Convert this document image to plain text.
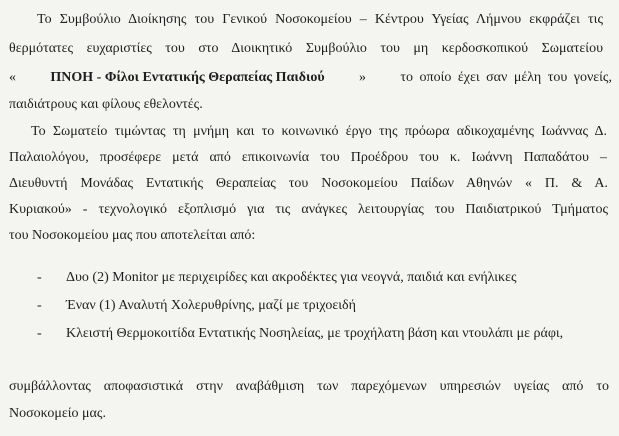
Το Συμβούλιο Διοίκησης του Γενικού Νοσοκομείου – Κέντρου Υγείας Λήμνου εκφράζει τις
θερμότατες ευχαριστίες του στο Διοικητικό Συμβούλιο του μη κερδοσκοπικού Σωματείου
« ΠΝΟΗ - Φίλοι Εντατικής Θεραπείας Παιδιού » το οποίο έχει σαν μέλη του γονείς,
παιδιάτρους και φίλους εθελοντές.
Το Σωματείο τιμώντας τη μνήμη και το κοινωνικό έργο της πρόωρα αδικοχαμένης Ιωάννας Δ.
Παλαιολόγου, προσέφερε μετά από επικοινωνία του Προέδρου του κ. Ιωάννη Παπαδάτου –
Διευθυντή Μονάδας Εντατικής Θεραπείας του Νοσοκομείου Παίδων Αθηνών « Π. & Α.
Κυριακού» - τεχνολογικό εξοπλισμό για τις ανάγκες λειτουργίας του Παιδιατρικού Τμήματος
του Νοσοκομείου μας που αποτελείται από:
- Δυο (2) Monitor με περιχειρίδες και ακροδέκτες για νεογνά, παιδιά και ενήλικες
- Έναν (1) Αναλυτή Χολερυθρίνης, μαζί με τριχοειδή
- Κλειστή Θερμοκοιτίδα Εντατικής Νοσηλείας, με τροχήλατη βάση και ντουλάπι με ράφι,
συμβάλλοντας αποφασιστικά στην αναβάθμιση των παρεχόμενων υπηρεσιών υγείας από το
Νοσοκομείο μας.
